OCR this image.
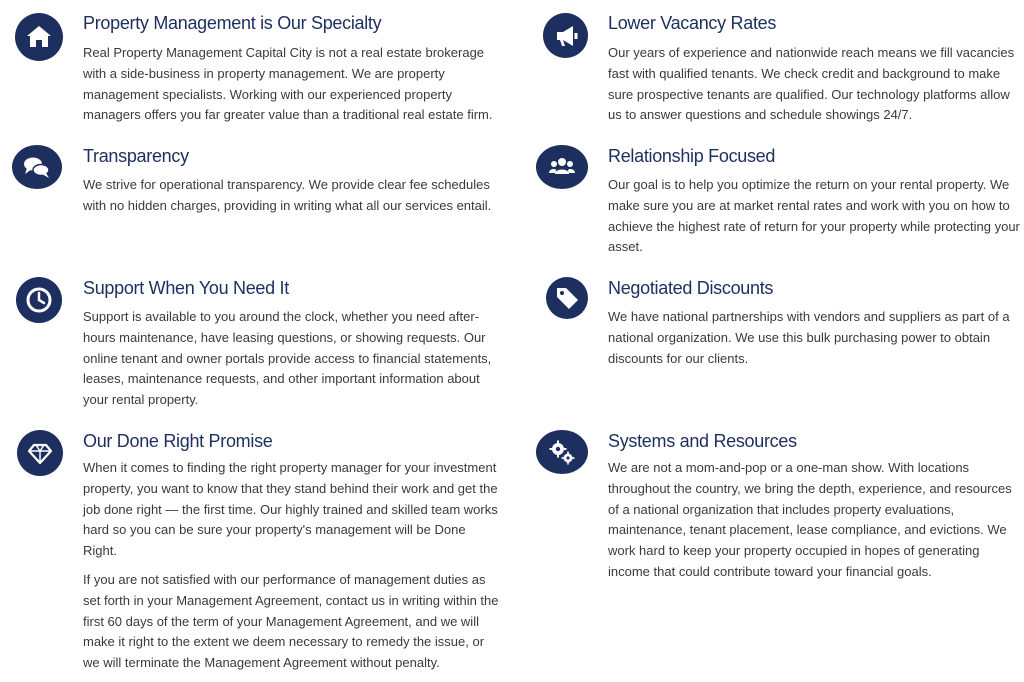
Property Management is Our Specialty

Real Property Management Capital City is not a real estate brokerage with a side-business in property management. We are property management specialists. Working with our experienced property managers offers you far greater value than a traditional real estate firm.

Transparency

We strive for operational transparency. We provide clear fee schedules with no hidden charges, providing in writing what all our services entail.

Support When You Need It

Support is available to you around the clock, whether you need after-hours maintenance, have leasing questions, or showing requests. Our online tenant and owner portals provide access to financial statements, leases, maintenance requests, and other important information about your rental property.

Our Done Right Promise

When it comes to finding the right property manager for your investment property, you want to know that they stand behind their work and get the job done right — the first time. Our highly trained and skilled team works hard so you can be sure your property's management will be Done Right.

If you are not satisfied with our performance of management duties as set forth in your Management Agreement, contact us in writing within the first 60 days of the term of your Management Agreement, and we will make it right to the extent we deem necessary to remedy the issue, or we will terminate the Management Agreement without penalty.

Lower Vacancy Rates

Our years of experience and nationwide reach means we fill vacancies fast with qualified tenants. We check credit and background to make sure prospective tenants are qualified. Our technology platforms allow us to answer questions and schedule showings 24/7.

Relationship Focused

Our goal is to help you optimize the return on your rental property. We make sure you are at market rental rates and work with you on how to achieve the highest rate of return for your property while protecting your asset.

Negotiated Discounts

We have national partnerships with vendors and suppliers as part of a national organization. We use this bulk purchasing power to obtain discounts for our clients.

Systems and Resources

We are not a mom-and-pop or a one-man show. With locations throughout the country, we bring the depth, experience, and resources of a national organization that includes property evaluations, maintenance, tenant placement, lease compliance, and evictions. We work hard to keep your property occupied in hopes of generating income that could contribute toward your financial goals.
